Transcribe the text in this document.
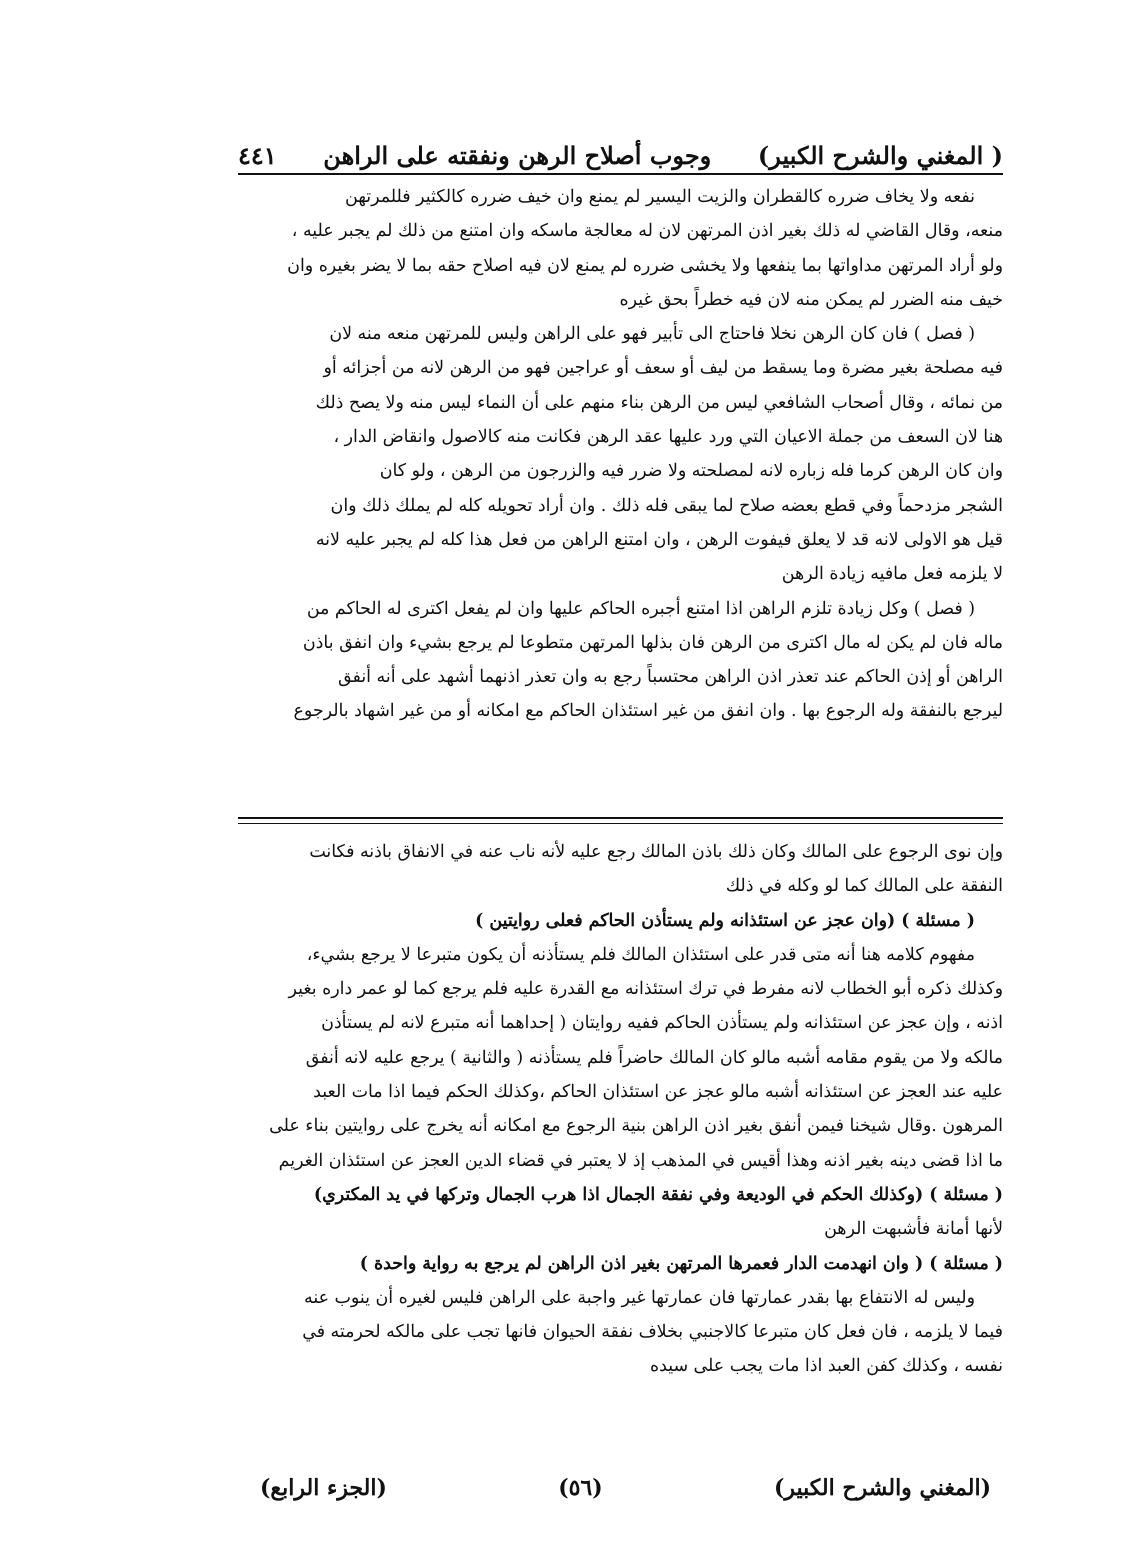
( المغني والشرح الكبير)
وجوب أصلاح الرهن ونفقته على الراهن
٤٤١

نفعه ولا يخاف ضرره كالقطران والزيت اليسير لم يمنع وان خيف ضرره كالكثير فللمرتهن

منعه، وقال القاضي له ذلك بغير اذن المرتهن لان له معالجة ماسكه وان امتنع من ذلك لم يجبر عليه ،

ولو أراد المرتهن مداواتها بما ينفعها ولا يخشى ضرره لم يمنع لان فيه اصلاح حقه بما لا يضر بغيره وان

خيف منه الضرر لم يمكن منه لان فيه خطراً بحق غيره

( فصل ) فان كان الرهن نخلا فاحتاج الى تأبير فهو على الراهن وليس للمرتهن منعه منه لان

فيه مصلحة بغير مضرة وما يسقط من ليف أو سعف أو عراجين فهو من الرهن لانه من أجزائه أو

من نمائه ، وقال أصحاب الشافعي ليس من الرهن بناء منهم على أن النماء ليس منه ولا يصح ذلك

هنا لان السعف من جملة الاعيان التي ورد عليها عقد الرهن فكانت منه كالاصول وانقاض الدار ،

وان كان الرهن كرما فله زباره لانه لمصلحته ولا ضرر فيه والزرجون من الرهن ، ولو كان

الشجر مزدحماً وفي قطع بعضه صلاح لما يبقى فله ذلك . وان أراد تحويله كله لم يملك ذلك وان

قيل هو الاولى لانه قد لا يعلق فيفوت الرهن ، وان امتنع الراهن من فعل هذا كله لم يجبر عليه لانه

لا يلزمه فعل مافيه زيادة الرهن

( فصل ) وكل زيادة تلزم الراهن اذا امتنع أجبره الحاكم عليها وان لم يفعل اكترى له الحاكم من

ماله فان لم يكن له مال اكترى من الرهن فان بذلها المرتهن متطوعا لم يرجع بشيء وان انفق باذن

الراهن أو إذن الحاكم عند تعذر اذن الراهن محتسباً رجع به وان تعذر اذنهما أشهد على أنه أنفق

ليرجع بالنفقة وله الرجوع بها . وان انفق من غير استئذان الحاكم مع امكانه أو من غير اشهاد بالرجوع

وإن نوى الرجوع على المالك وكان ذلك باذن المالك رجع عليه لأنه ناب عنه في الانفاق باذنه فكانت

النفقة على المالك كما لو وكله في ذلك

( مسئلة ) (وان عجز عن استئذانه ولم يستأذن الحاكم فعلى روايتين )

مفهوم كلامه هنا أنه متى قدر على استئذان المالك فلم يستأذنه أن يكون متبرعا لا يرجع بشيء،

وكذلك ذكره أبو الخطاب لانه مفرط في ترك استئذانه مع القدرة عليه فلم يرجع كما لو عمر داره بغير

اذنه ، وإن عجز عن استئذانه ولم يستأذن الحاكم ففيه روايتان ( إحداهما أنه متبرع لانه لم يستأذن

مالكه ولا من يقوم مقامه أشبه مالو كان المالك حاضراً فلم يستأذنه ( والثانية ) يرجع عليه لانه أنفق

عليه عند العجز عن استئذانه أشبه مالو عجز عن استئذان الحاكم ،وكذلك الحكم فيما اذا مات العبد

المرهون .وقال شيخنا فيمن أنفق بغير اذن الراهن بنية الرجوع مع امكانه أنه يخرج على روايتين بناء على

ما اذا قضى دينه بغير اذنه وهذا أقيس في المذهب إذ لا يعتبر في قضاء الدين العجز عن استئذان الغريم

( مسئلة ) (وكذلك الحكم في الوديعة وفي نفقة الجمال اذا هرب الجمال وتركها في يد المكتري)

لأنها أمانة فأشبهت الرهن

( مسئلة ) ( وان انهدمت الدار فعمرها المرتهن بغير اذن الراهن لم يرجع به رواية واحدة )

وليس له الانتفاع بها بقدر عمارتها فان عمارتها غير واجبة على الراهن فليس لغيره أن ينوب عنه

فيما لا يلزمه ، فان فعل كان متبرعا كالاجنبي بخلاف نفقة الحيوان فانها تجب على مالكه لحرمته في

نفسه ، وكذلك كفن العبد اذا مات يجب على سيده

(المغني والشرح الكبير)
(٥٦)
(الجزء الرابع)
